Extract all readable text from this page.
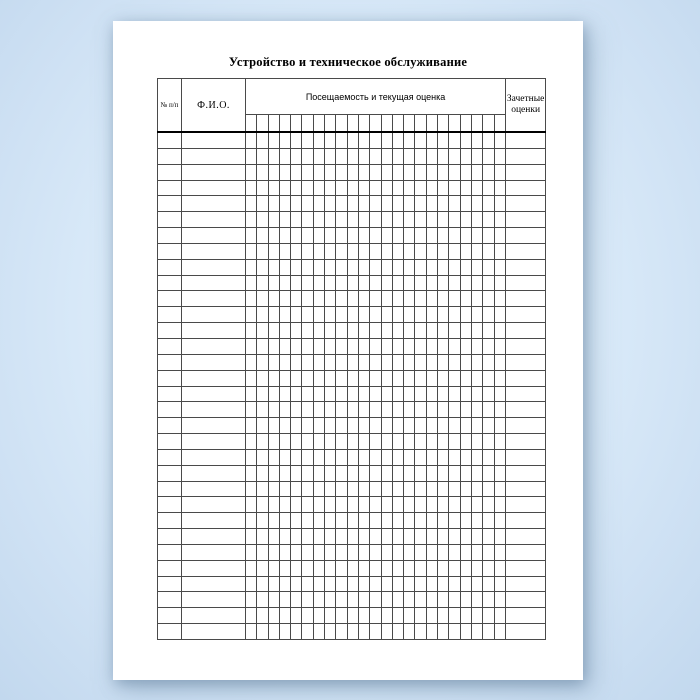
Устройство и техническое обслуживание
№ п/п	Ф.И.О.	Посещаемость и текущая оценка																							Зачетные оценки
